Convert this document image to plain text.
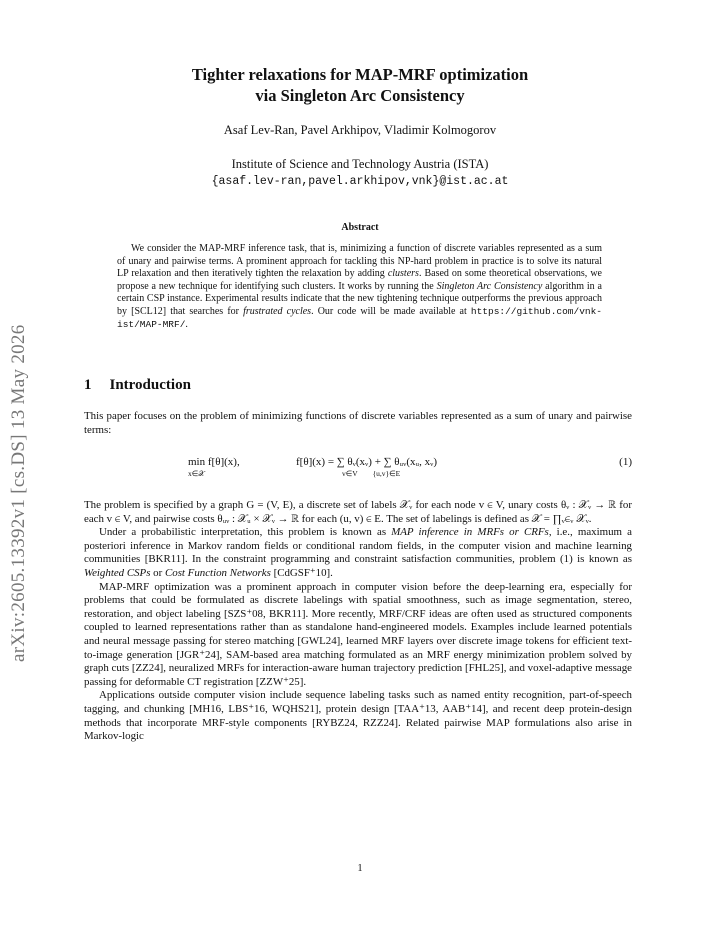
arXiv:2605.13392v1 [cs.DS] 13 May 2026
Tighter relaxations for MAP-MRF optimization
via Singleton Arc Consistency
Asaf Lev-Ran, Pavel Arkhipov, Vladimir Kolmogorov
Institute of Science and Technology Austria (ISTA)
{asaf.lev-ran,pavel.arkhipov,vnk}@ist.ac.at
Abstract

We consider the MAP-MRF inference task, that is, minimizing a function of discrete variables represented as a sum of unary and pairwise terms. A prominent approach for tackling this NP-hard problem in practice is to solve its natural LP relaxation and then iteratively tighten the relaxation by adding clusters. Based on some theoretical observations, we propose a new technique for identifying such clusters. It works by running the Singleton Arc Consistency algorithm in a certain CSP instance. Experimental results indicate that the new tightening technique outperforms the previous approach by [SCL12] that searches for frustrated cycles. Our code will be made available at https://github.com/vnk-ist/MAP-MRF/.

1 Introduction

This paper focuses on the problem of minimizing functions of discrete variables represented as a sum of unary and pairwise terms:

min f[θ](x),
x∈𝒳
f[θ](x) = ∑ θᵥ(xᵥ) + ∑ θᵤᵥ(xᵤ, xᵥ)
v∈V        {u,v}∈E
(1)

The problem is specified by a graph G = (V, E), a discrete set of labels 𝒳ᵥ for each node v ∈ V, unary costs θᵥ : 𝒳ᵥ → ℝ for each v ∈ V, and pairwise costs θᵤᵥ : 𝒳ᵤ × 𝒳ᵥ → ℝ for each (u, v) ∈ E. The set of labelings is defined as 𝒳 = ∏ᵥ∈ᵥ 𝒳ᵥ.

Under a probabilistic interpretation, this problem is known as MAP inference in MRFs or CRFs, i.e., maximum a posteriori inference in Markov random fields or conditional random fields, in the computer vision and machine learning communities [BKR11]. In the constraint programming and constraint satisfaction communities, problem (1) is known as Weighted CSPs or Cost Function Networks [CdGSF⁺10].

MAP-MRF optimization was a prominent approach in computer vision before the deep-learning era, especially for problems that could be formulated as discrete labelings with spatial smoothness, such as image segmentation, stereo, restoration, and object labeling [SZS⁺08, BKR11]. More recently, MRF/CRF ideas are often used as structured components coupled to learned representations rather than as standalone hand-engineered models. Examples include learned potentials and neural message passing for stereo matching [GWL24], learned MRF layers over discrete image tokens for efficient text-to-image generation [JGR⁺24], SAM-based area matching formulated as an MRF energy minimization problem solved by graph cuts [ZZ24], neuralized MRFs for interaction-aware human trajectory prediction [FHL25], and voxel-adaptive message passing for deformable CT registration [ZZW⁺25].

Applications outside computer vision include sequence labeling tasks such as named entity recognition, part-of-speech tagging, and chunking [MH16, LBS⁺16, WQHS21], protein design [TAA⁺13, AAB⁺14], and recent deep protein-design methods that incorporate MRF-style components [RYBZ24, RZZ24]. Related pairwise MAP formulations also arise in Markov-logic

1
